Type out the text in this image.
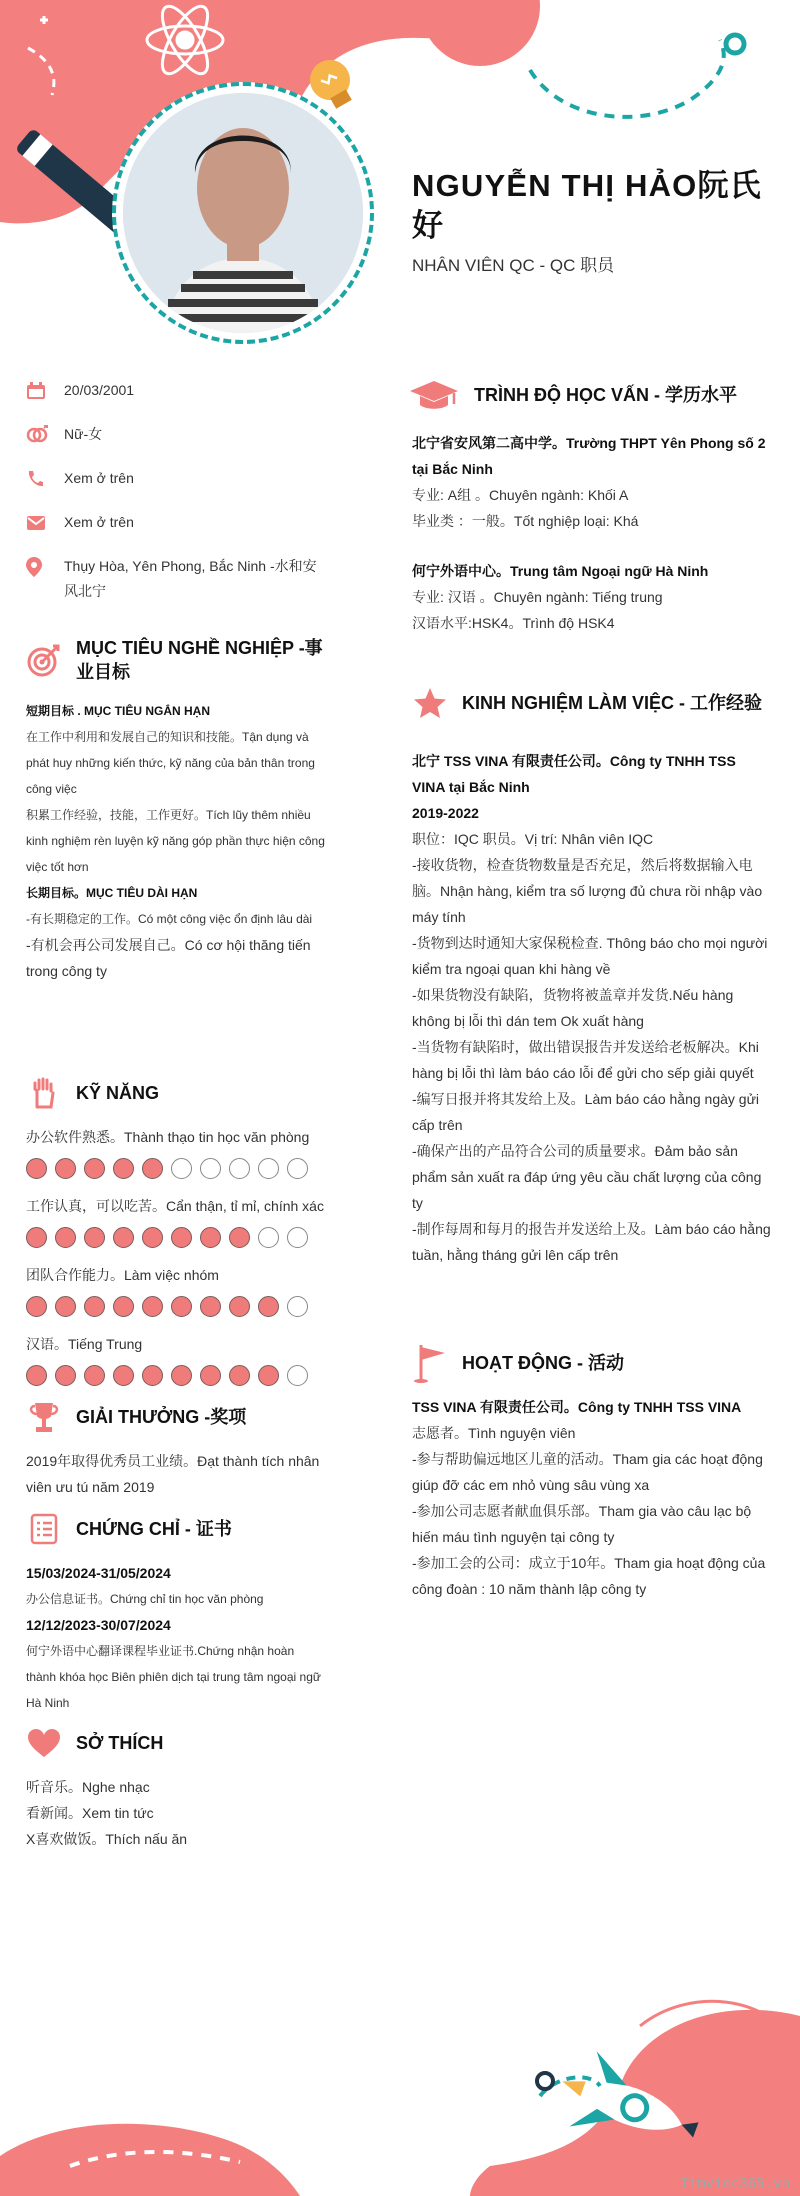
NGUYỄN THỊ HẢO阮氏好
NHÂN VIÊN QC - QC 职员
20/03/2001
Nữ-女
Xem ở trên
Xem ở trên
Thụy Hòa, Yên Phong, Bắc Ninh -水和安风北宁
MỤC TIÊU NGHỀ NGHIỆP -事业目标
短期目标 . MỤC TIÊU NGẮN HẠN
在工作中利用和发展自己的知识和技能。Tận dụng và phát huy những kiến thức, kỹ năng của bản thân trong công việc
积累工作经验，技能，工作更好。Tích lũy thêm nhiều kinh nghiệm rèn luyện kỹ năng góp phần thực hiện công việc tốt hơn
长期目标。MỤC TIÊU DÀI HẠN
-有长期稳定的工作。Có một công việc ổn định lâu dài
-有机会再公司发展自己。Có cơ hội thăng tiến trong công ty
KỸ NĂNG
办公软件熟悉。Thành thạo tin học văn phòng
工作认真，可以吃苦。Cẩn thận, tỉ mỉ, chính xác
团队合作能力。Làm việc nhóm
汉语。Tiếng Trung
GIẢI THƯỞNG -奖项
2019年取得优秀员工业绩。Đạt thành tích nhân viên ưu tú năm 2019
CHỨNG CHỈ - 证书
15/03/2024-31/05/2024
办公信息证书。Chứng chỉ tin học văn phòng
12/12/2023-30/07/2024
何宁外语中心翻译课程毕业证书.Chứng nhận hoàn thành khóa học Biên phiên dịch tại trung tâm ngoại ngữ Hà Ninh
SỞ THÍCH
听音乐。Nghe nhạc
看新闻。Xem tin tức
X喜欢做饭。Thích nấu ăn
TRÌNH ĐỘ HỌC VẤN - 学历水平
北宁省安风第二高中学。Trường THPT Yên Phong số 2 tại Bắc Ninh
专业: A组 。Chuyên ngành: Khối A
毕业类 ：一般。Tốt nghiệp loại: Khá
何宁外语中心。Trung tâm Ngoại ngữ Hà Ninh
专业: 汉语 。Chuyên ngành: Tiếng trung
汉语水平:HSK4。Trình độ HSK4
KINH NGHIỆM LÀM VIỆC - 工作经验
北宁 TSS VINA 有限责任公司。Công ty TNHH TSS VINA tại Bắc Ninh
2019-2022
职位：IQC 职员。Vị trí: Nhân viên IQC
-接收货物，检查货物数量是否充足，然后将数据输入电脑。Nhận hàng, kiểm tra số lượng đủ chưa rồi nhập vào máy tính
-货物到达时通知大家保税检查. Thông báo cho mọi người kiểm tra ngoại quan khi hàng về
-如果货物没有缺陷，货物将被盖章并发货.Nếu hàng không bị lỗi thì dán tem Ok xuất hàng
-当货物有缺陷时，做出错误报告并发送给老板解决。Khi hàng bị lỗi thì làm báo cáo lỗi để gửi cho sếp giải quyết
-编写日报并将其发给上及。Làm báo cáo hằng ngày gửi cấp trên
-确保产出的产品符合公司的质量要求。Đảm bảo sản phẩm sản xuất ra đáp ứng yêu cầu chất lượng của công ty
-制作每周和每月的报告并发送给上及。Làm báo cáo hằng tuần, hằng tháng gửi lên cấp trên
HOẠT ĐỘNG - 活动
TSS VINA 有限责任公司。Công ty TNHH TSS VINA
志愿者。Tình nguyện viên
-参与帮助偏远地区儿童的活动。Tham gia các hoạt động giúp đỡ các em nhỏ vùng sâu vùng xa
-参加公司志愿者献血俱乐部。Tham gia vào câu lạc bộ hiến máu tình nguyện tại công ty
-参加工会的公司：成立于10年。Tham gia hoạt động của công đoàn : 10 năm thành lập công ty
Timviec365.vn
